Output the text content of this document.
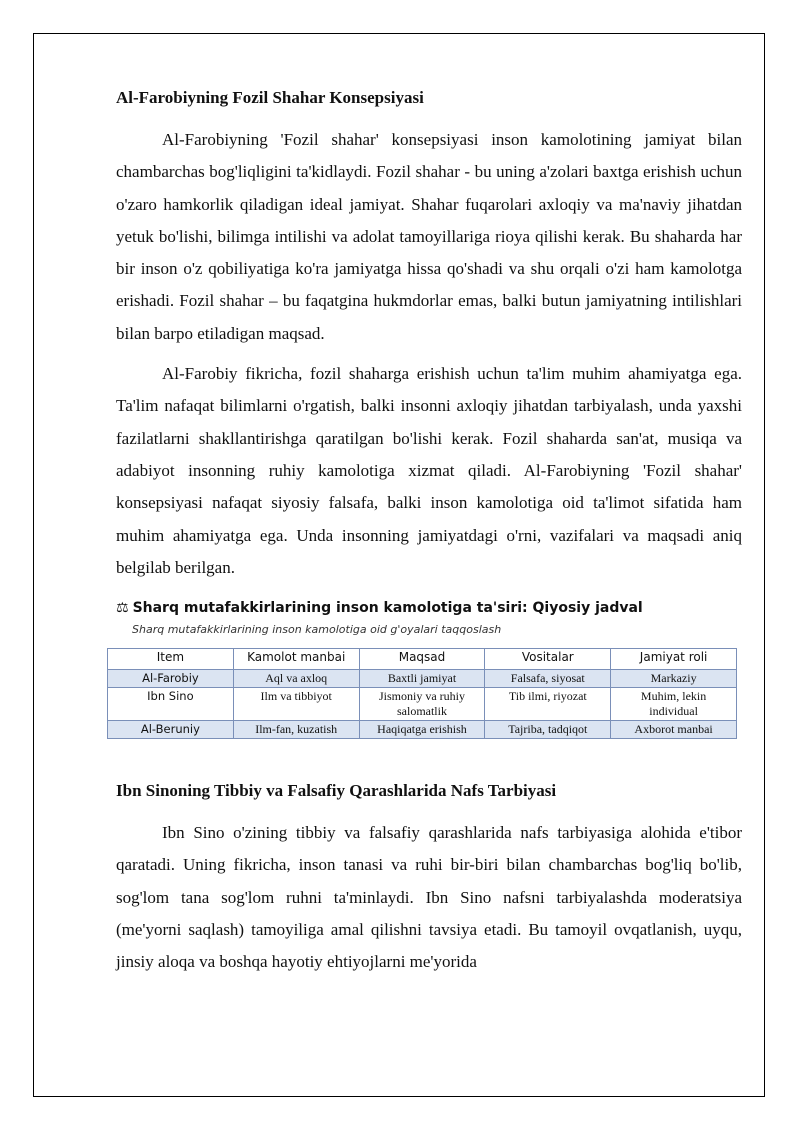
Al-Farobiyning Fozil Shahar Konsepsiyasi

Al-Farobiyning 'Fozil shahar' konsepsiyasi inson kamolotining jamiyat bilan chambarchas bog'liqligini ta'kidlaydi. Fozil shahar - bu uning a'zolari baxtga erishish uchun o'zaro hamkorlik qiladigan ideal jamiyat. Shahar fuqarolari axloqiy va ma'naviy jihatdan yetuk bo'lishi, bilimga intilishi va adolat tamoyillariga rioya qilishi kerak. Bu shaharda har bir inson o'z qobiliyatiga ko'ra jamiyatga hissa qo'shadi va shu orqali o'zi ham kamolotga erishadi. Fozil shahar – bu faqatgina hukmdorlar emas, balki butun jamiyatning intilishlari bilan barpo etiladigan maqsad.

Al-Farobiy fikricha, fozil shaharga erishish uchun ta'lim muhim ahamiyatga ega. Ta'lim nafaqat bilimlarni o'rgatish, balki insonni axloqiy jihatdan tarbiyalash, unda yaxshi fazilatlarni shakllantirishga qaratilgan bo'lishi kerak. Fozil shaharda san'at, musiqa va adabiyot insonning ruhiy kamolotiga xizmat qiladi. Al-Farobiyning 'Fozil shahar' konsepsiyasi nafaqat siyosiy falsafa, balki inson kamolotiga oid ta'limot sifatida ham muhim ahamiyatga ega. Unda insonning jamiyatdagi o'rni, vazifalari va maqsadi aniq belgilab berilgan.

⚖ Sharq mutafakkirlarining inson kamolotiga ta'siri: Qiyosiy jadval
Sharq mutafakkirlarining inson kamolotiga oid g'oyalari taqqoslash
Item	Kamolot manbai	Maqsad	Vositalar	Jamiyat roli
Al-Farobiy	Aql va axloq	Baxtli jamiyat	Falsafa, siyosat	Markaziy
Ibn Sino	Ilm va tibbiyot	Jismoniy va ruhiy salomatlik	Tib ilmi, riyozat	Muhim, lekin individual
Al-Beruniy	Ilm-fan, kuzatish	Haqiqatga erishish	Tajriba, tadqiqot	Axborot manbai
Ibn Sinoning Tibbiy va Falsafiy Qarashlarida Nafs Tarbiyasi

Ibn Sino o'zining tibbiy va falsafiy qarashlarida nafs tarbiyasiga alohida e'tibor qaratadi. Uning fikricha, inson tanasi va ruhi bir-biri bilan chambarchas bog'liq bo'lib, sog'lom tana sog'lom ruhni ta'minlaydi. Ibn Sino nafsni tarbiyalashda moderatsiya (me'yorni saqlash) tamoyiliga amal qilishni tavsiya etadi. Bu tamoyil ovqatlanish, uyqu, jinsiy aloqa va boshqa hayotiy ehtiyojlarni me'yorida
